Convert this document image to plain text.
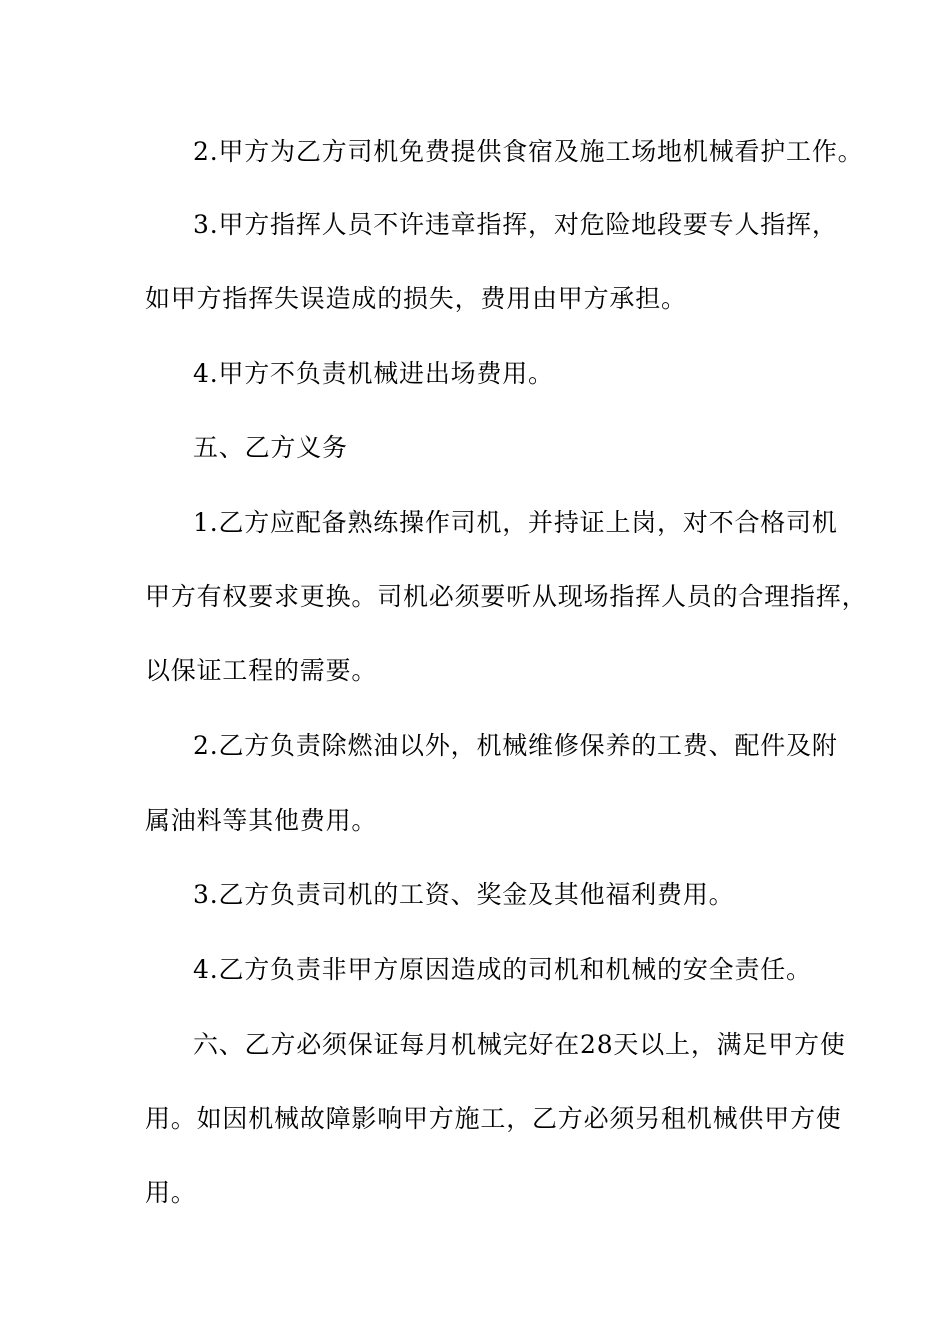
2.甲方为乙方司机免费提供食宿及施工场地机械看护工作。
3.甲方指挥人员不许违章指挥，对危险地段要专人指挥，
如甲方指挥失误造成的损失，费用由甲方承担。
4.甲方不负责机械进出场费用。
五、乙方义务
1.乙方应配备熟练操作司机，并持证上岗，对不合格司机
甲方有权要求更换。司机必须要听从现场指挥人员的合理指挥，
以保证工程的需要。
2.乙方负责除燃油以外，机械维修保养的工费、配件及附
属油料等其他费用。
3.乙方负责司机的工资、奖金及其他福利费用。
4.乙方负责非甲方原因造成的司机和机械的安全责任。
六、乙方必须保证每月机械完好在28天以上，满足甲方使
用。如因机械故障影响甲方施工，乙方必须另租机械供甲方使
用。
